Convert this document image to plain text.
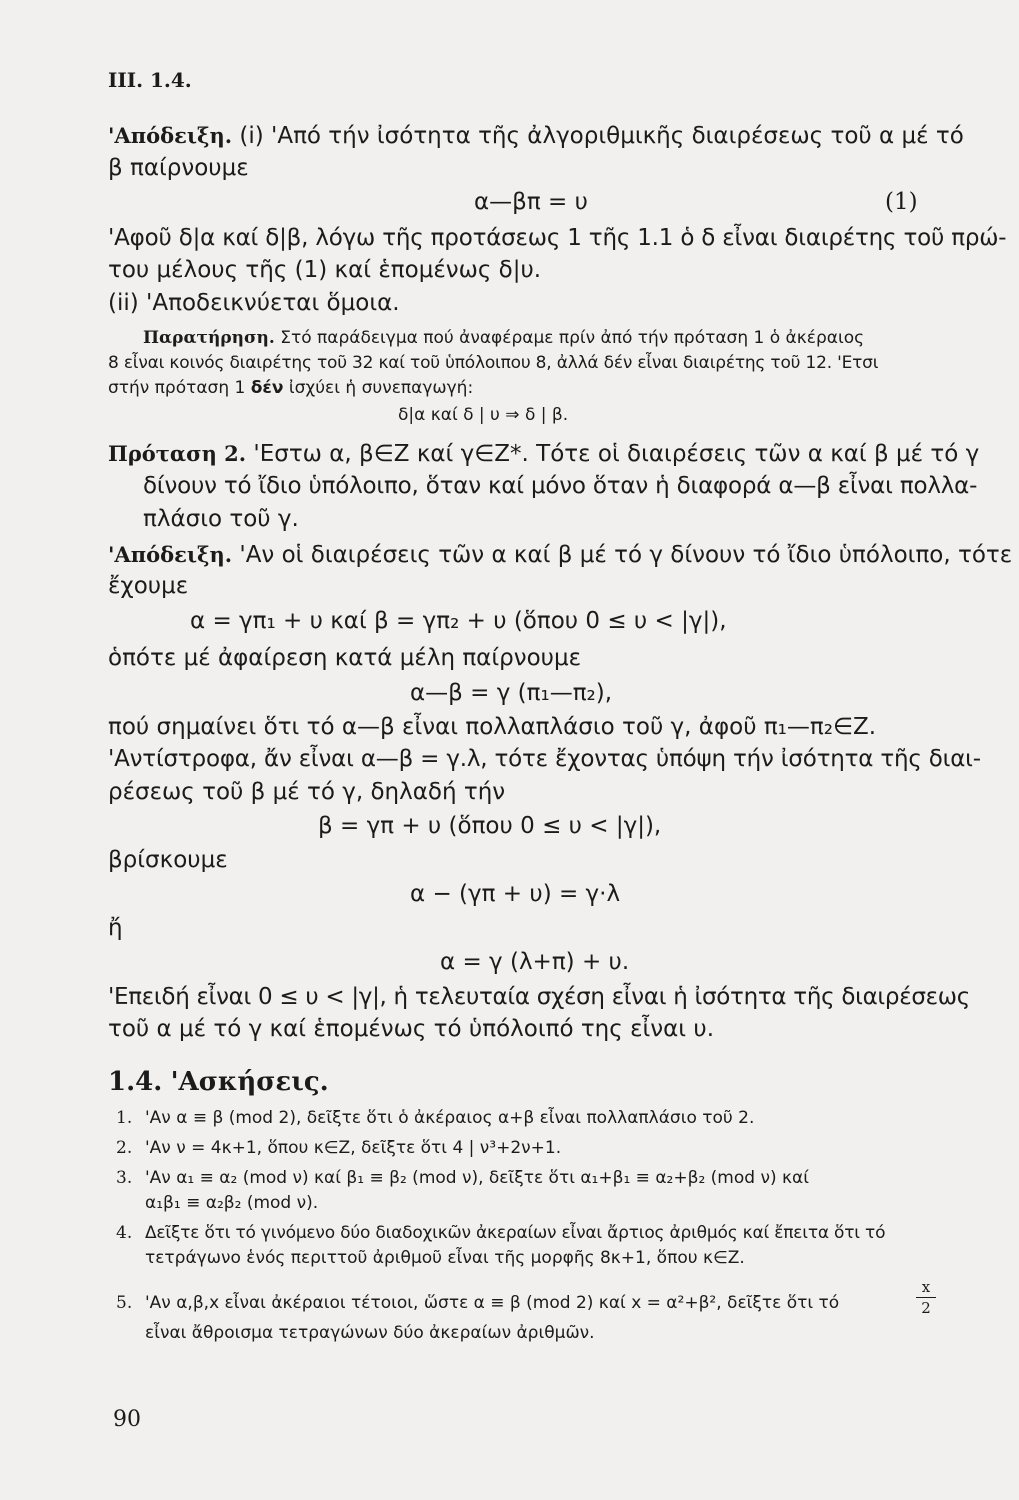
III. 1.4.
'Απόδειξη. (i) 'Από τήν ἰσότητα τῆς ἀλγοριθμικῆς διαιρέσεως τοῦ α μέ τό
β παίρνουμε
α—βπ = υ	(1)
'Αφοῦ δ|α καί δ|β, λόγω τῆς προτάσεως 1 τῆς 1.1 ὁ δ εἶναι διαιρέτης τοῦ πρώ-
του μέλους τῆς (1) καί ἑπομένως δ|υ.
(ii) 'Αποδεικνύεται ὅμοια.
Παρατήρηση. Στό παράδειγμα πού ἀναφέραμε πρίν ἀπό τήν πρόταση 1 ὁ ἀκέραιος
8 εἶναι κοινός διαιρέτης τοῦ 32 καί τοῦ ὑπόλοιπου 8, ἀλλά δέν εἶναι διαιρέτης τοῦ 12. 'Ετσι
στήν πρόταση 1 δέν ἰσχύει ἡ συνεπαγωγή:
δ|α καί δ | υ ⇒ δ | β.
Πρόταση 2. 'Εστω α, β∈Z καί γ∈Z*. Τότε οἱ διαιρέσεις τῶν α καί β μέ τό γ
δίνουν τό ἴδιο ὑπόλοιπο, ὅταν καί μόνο ὅταν ἡ διαφορά α—β εἶναι πολλα-
πλάσιο τοῦ γ.
'Απόδειξη. 'Αν οἱ διαιρέσεις τῶν α καί β μέ τό γ δίνουν τό ἴδιο ὑπόλοιπο, τότε
ἔχουμε
α = γπ₁ + υ καί β = γπ₂ + υ (ὅπου 0 ≤ υ < |γ|),
ὁπότε μέ ἀφαίρεση κατά μέλη παίρνουμε
α—β = γ (π₁—π₂),
πού σημαίνει ὅτι τό α—β εἶναι πολλαπλάσιο τοῦ γ, ἀφοῦ π₁—π₂∈Z.
'Αντίστροφα, ἄν εἶναι α—β = γ.λ, τότε ἔχοντας ὑπόψη τήν ἰσότητα τῆς διαι-
ρέσεως τοῦ β μέ τό γ, δηλαδή τήν
β = γπ + υ (ὅπου 0 ≤ υ < |γ|),
βρίσκουμε
α − (γπ + υ) = γ·λ
ἤ
α = γ (λ+π) + υ.
'Επειδή εἶναι 0 ≤ υ < |γ|, ἡ τελευταία σχέση εἶναι ἡ ἰσότητα τῆς διαιρέσεως
τοῦ α μέ τό γ καί ἑπομένως τό ὑπόλοιπό της εἶναι υ.
1.4. 'Ασκήσεις.
1. 'Αν α ≡ β (mod 2), δεῖξτε ὅτι ὁ ἀκέραιος α+β εἶναι πολλαπλάσιο τοῦ 2.
2. 'Αν ν = 4κ+1, ὅπου κ∈Z, δεῖξτε ὅτι 4 | ν³+2ν+1.
3. 'Αν α₁ ≡ α₂ (mod ν) καί β₁ ≡ β₂ (mod ν), δεῖξτε ὅτι α₁+β₁ ≡ α₂+β₂ (mod ν) καί
α₁β₁ ≡ α₂β₂ (mod ν).
4. Δεῖξτε ὅτι τό γινόμενο δύο διαδοχικῶν ἀκεραίων εἶναι ἄρτιος ἀριθμός καί ἔπειτα ὅτι τό
τετράγωνο ἑνός περιττοῦ ἀριθμοῦ εἶναι τῆς μορφῆς 8κ+1, ὅπου κ∈Z.
5. 'Αν α,β,x εἶναι ἀκέραιοι τέτοιοι, ὥστε α ≡ β (mod 2) καί x = α²+β², δεῖξτε ὅτι τό
x
2
εἶναι ἄθροισμα τετραγώνων δύο ἀκεραίων ἀριθμῶν.
90
